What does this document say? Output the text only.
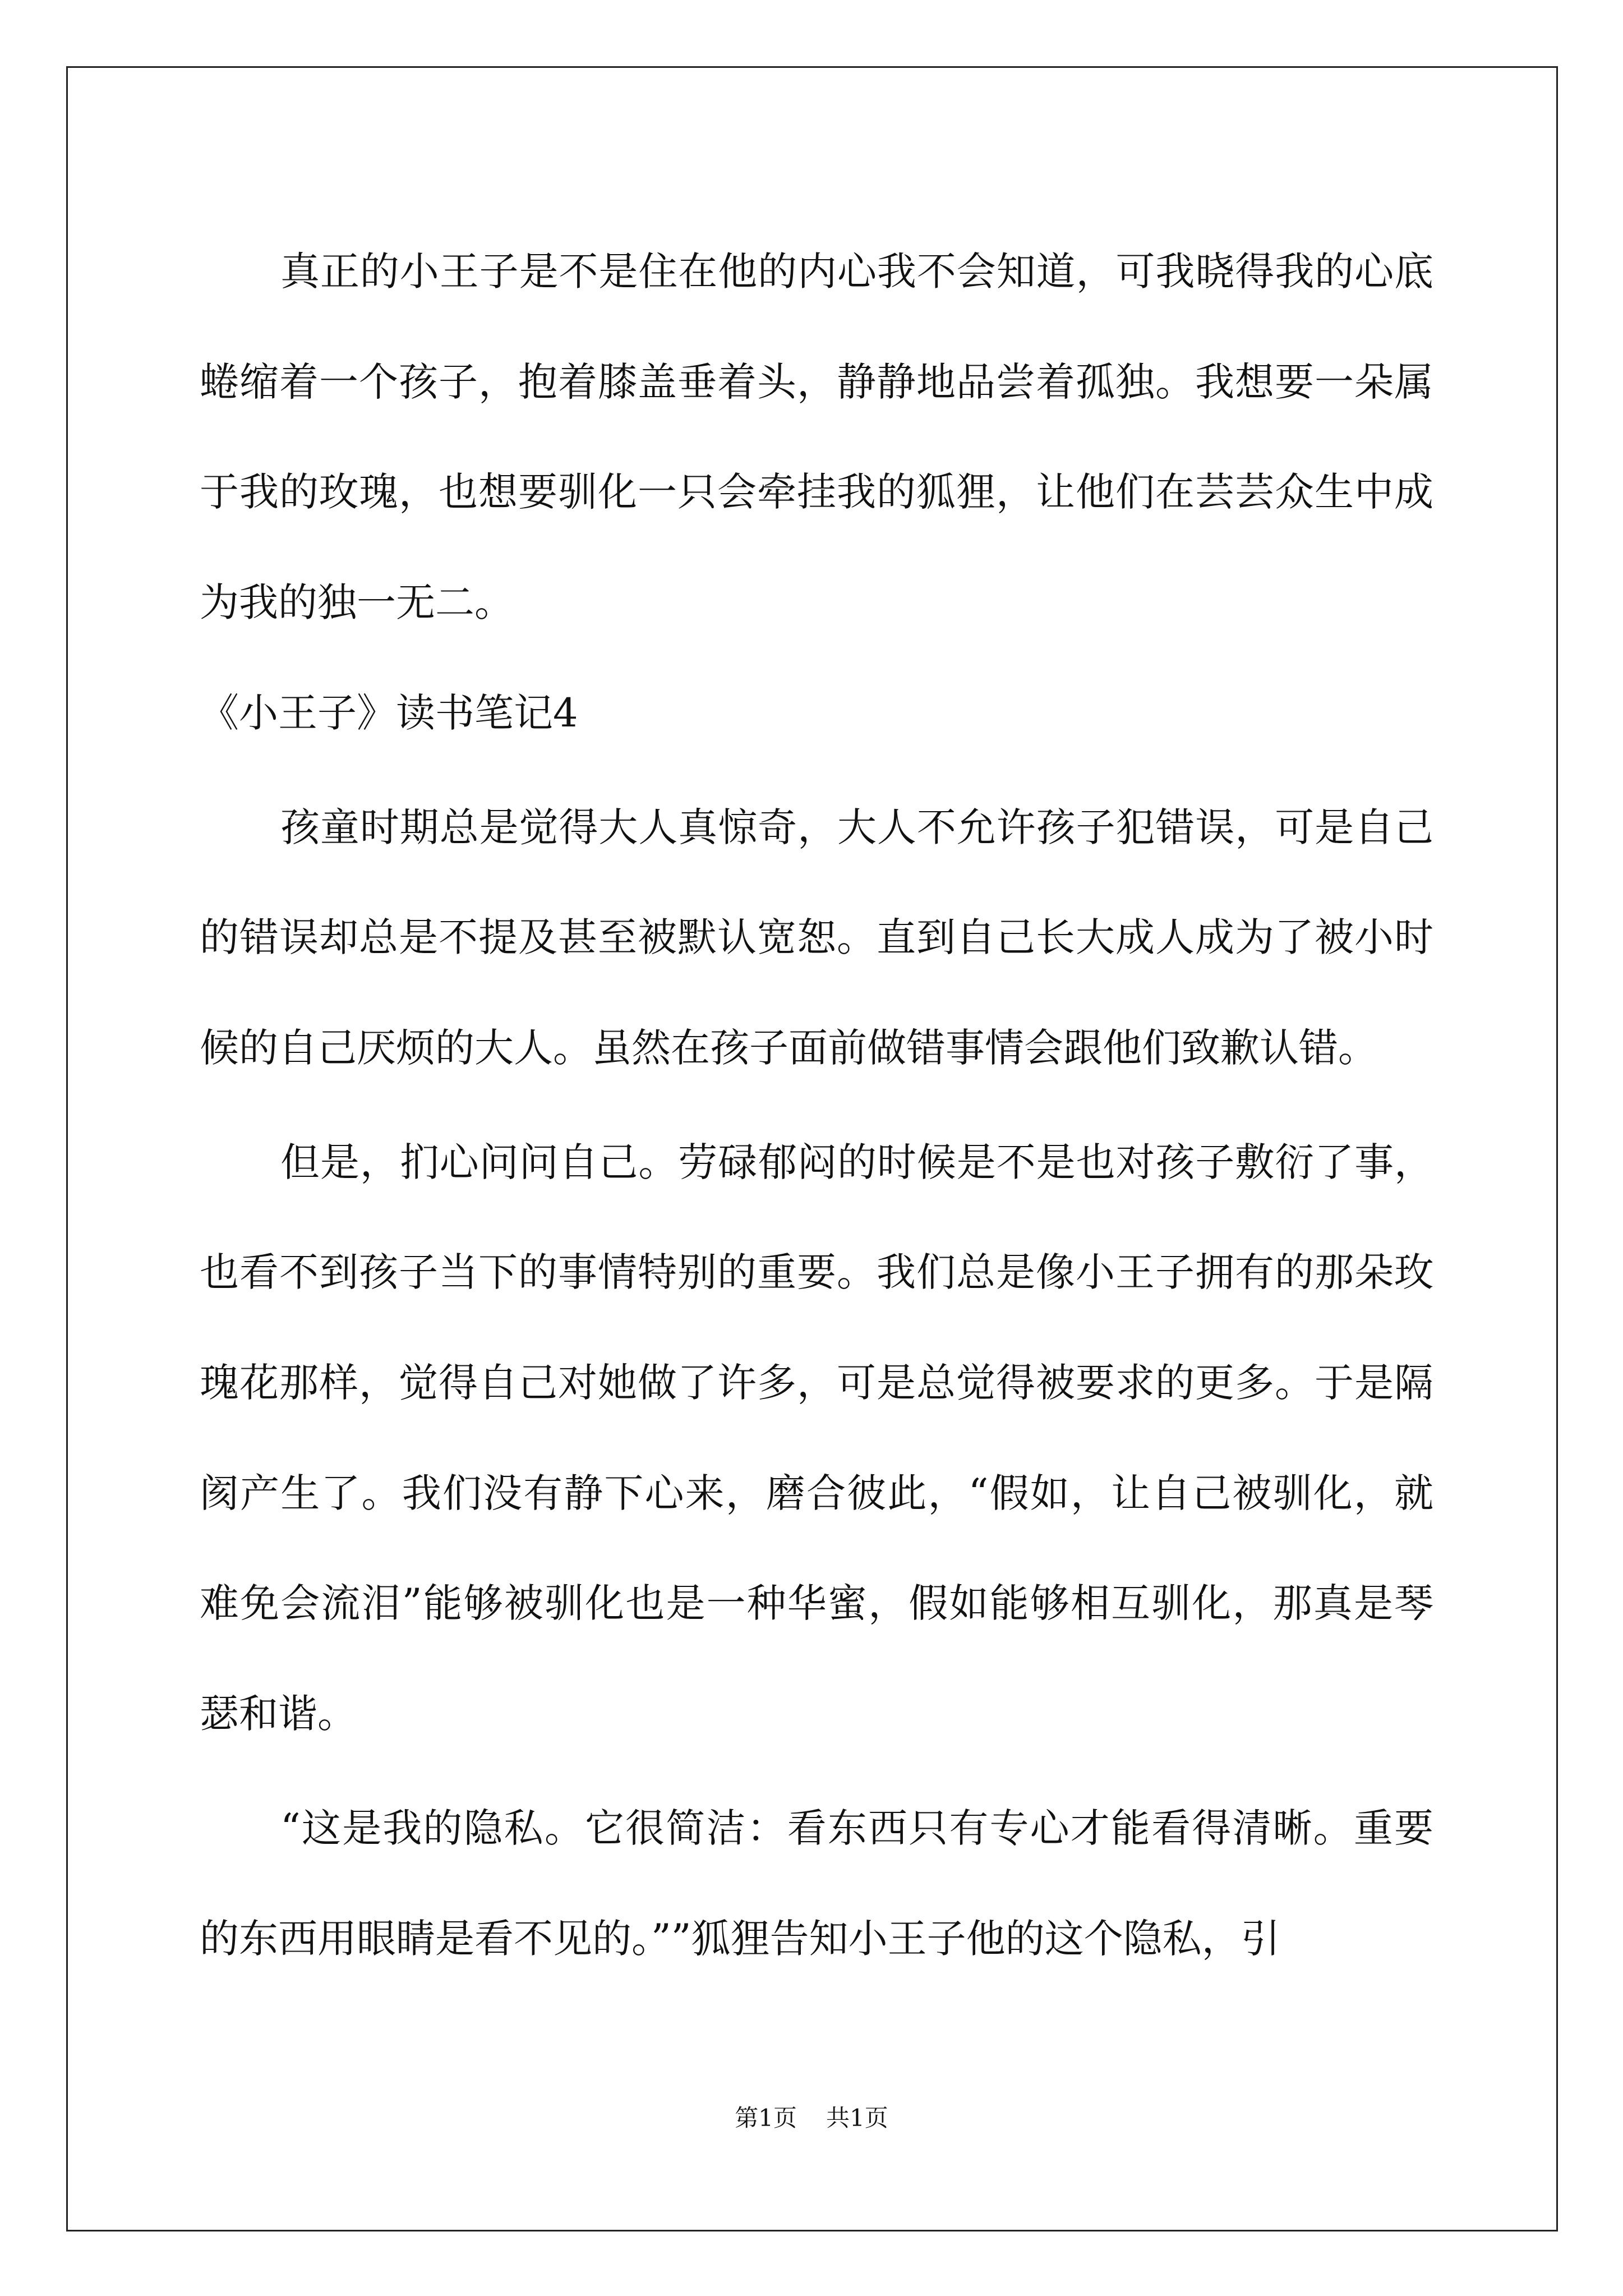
真正的小王子是不是住在他的内心我不会知道，可我晓得我的心底蜷缩着一个孩子，抱着膝盖垂着头，静静地品尝着孤独。我想要一朵属于我的玫瑰，也想要驯化一只会牵挂我的狐狸，让他们在芸芸众生中成为我的独一无二。

《小王子》读书笔记4

孩童时期总是觉得大人真惊奇，大人不允许孩子犯错误，可是自己的错误却总是不提及甚至被默认宽恕。直到自己长大成人成为了被小时候的自己厌烦的大人。虽然在孩子面前做错事情会跟他们致歉认错。

但是，扪心问问自己。劳碌郁闷的时候是不是也对孩子敷衍了事，也看不到孩子当下的事情特别的重要。我们总是像小王子拥有的那朵玫瑰花那样，觉得自己对她做了许多，可是总觉得被要求的更多。于是隔阂产生了。我们没有静下心来，磨合彼此，“假如，让自己被驯化，就难免会流泪”能够被驯化也是一种华蜜，假如能够相互驯化，那真是琴瑟和谐。

“这是我的隐私。它很简洁：看东西只有专心才能看得清晰。重要的东西用眼睛是看不见的。””狐狸告知小王子他的这个隐私，引

第1页 共1页
